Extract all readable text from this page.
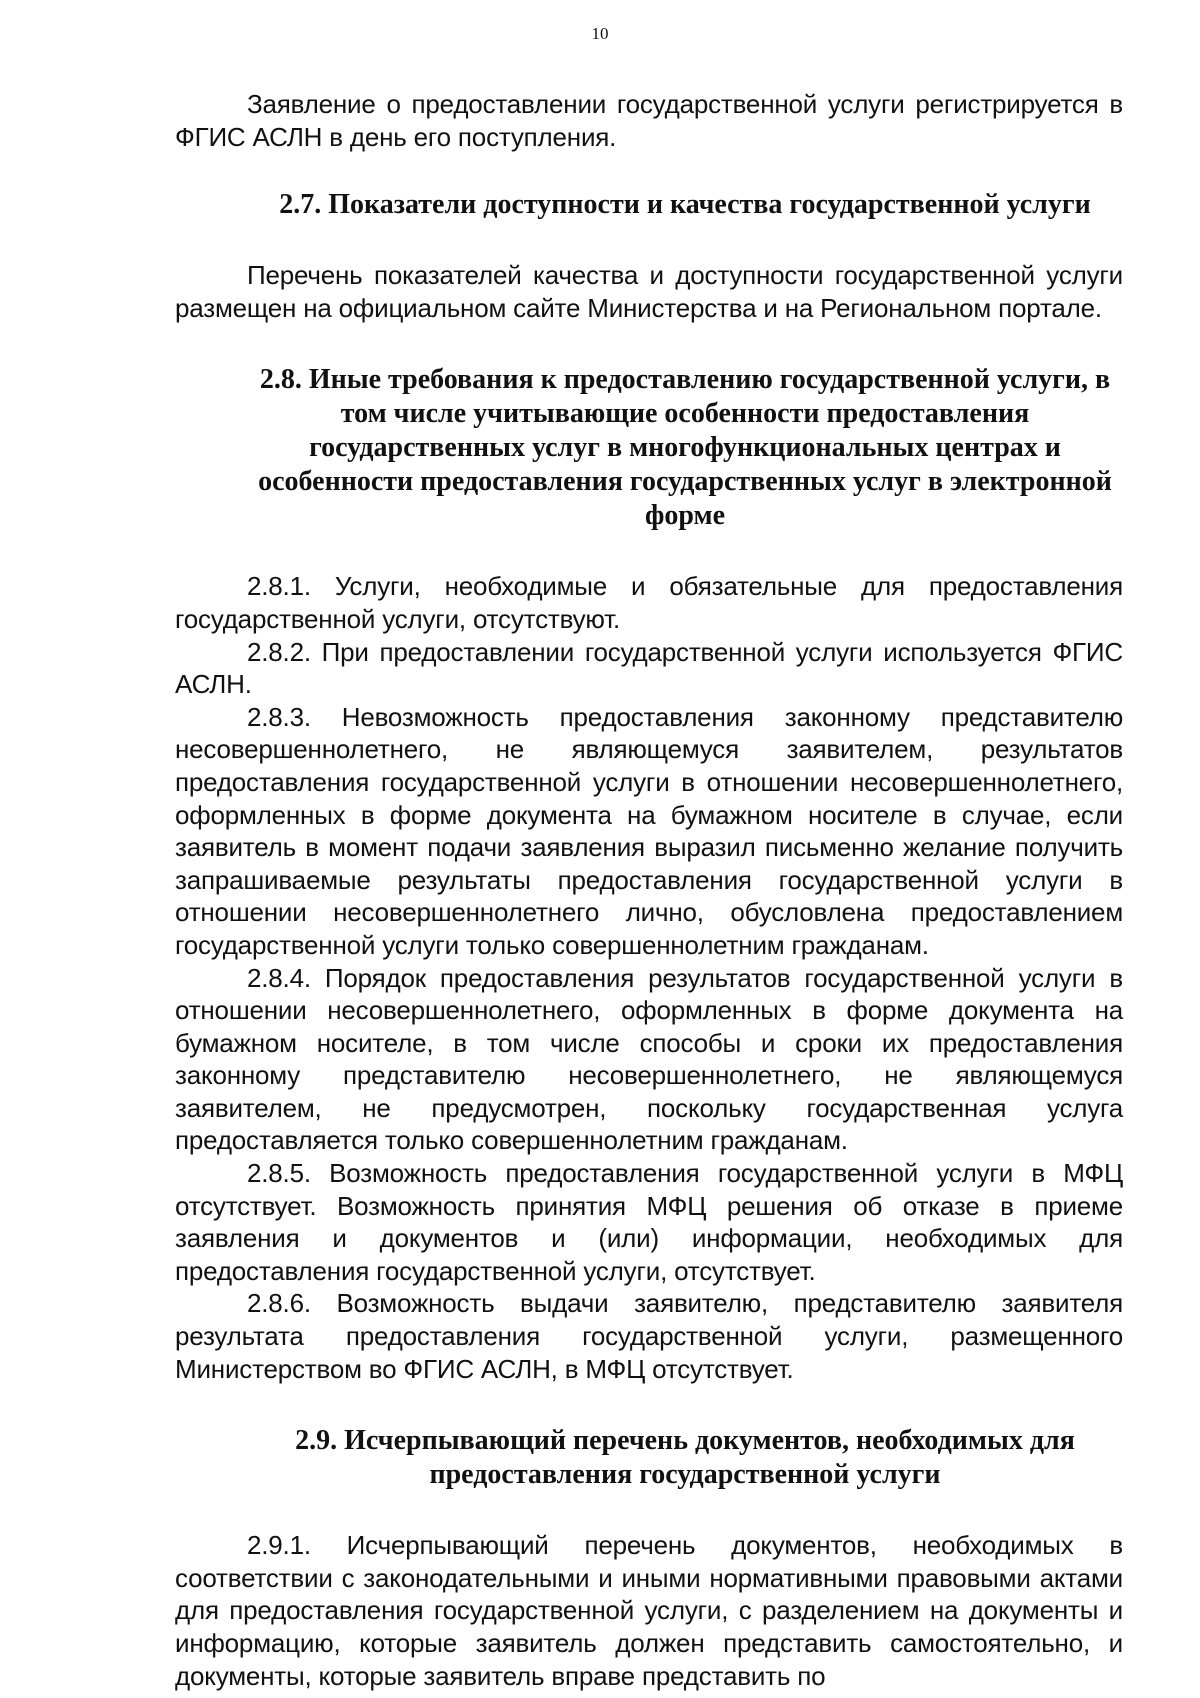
10

Заявление о предоставлении государственной услуги регистрируется в ФГИС АСЛН в день его поступления.

2.7. Показатели доступности и качества государственной услуги

Перечень показателей качества и доступности государственной услуги размещен на официальном сайте Министерства и на Региональном портале.

2.8. Иные требования к предоставлению государственной услуги, в том числе учитывающие особенности предоставления государственных услуг в многофункциональных центрах и особенности предоставления государственных услуг в электронной форме

2.8.1. Услуги, необходимые и обязательные для предоставления государственной услуги, отсутствуют.

2.8.2. При предоставлении государственной услуги используется ФГИС АСЛН.

2.8.3. Невозможность предоставления законному представителю несовершеннолетнего, не являющемуся заявителем, результатов предоставления государственной услуги в отношении несовершеннолетнего, оформленных в форме документа на бумажном носителе в случае, если заявитель в момент подачи заявления выразил письменно желание получить запрашиваемые результаты предоставления государственной услуги в отношении несовершеннолетнего лично, обусловлена предоставлением государственной услуги только совершеннолетним гражданам.

2.8.4. Порядок предоставления результатов государственной услуги в отношении несовершеннолетнего, оформленных в форме документа на бумажном носителе, в том числе способы и сроки их предоставления законному представителю несовершеннолетнего, не являющемуся заявителем, не предусмотрен, поскольку государственная услуга предоставляется только совершеннолетним гражданам.

2.8.5. Возможность предоставления государственной услуги в МФЦ отсутствует. Возможность принятия МФЦ решения об отказе в приеме заявления и документов и (или) информации, необходимых для предоставления государственной услуги, отсутствует.

2.8.6. Возможность выдачи заявителю, представителю заявителя результата предоставления государственной услуги, размещенного Министерством во ФГИС АСЛН, в МФЦ отсутствует.

2.9. Исчерпывающий перечень документов, необходимых для предоставления государственной услуги

2.9.1. Исчерпывающий перечень документов, необходимых в соответствии с законодательными и иными нормативными правовыми актами для предоставления государственной услуги, с разделением на документы и информацию, которые заявитель должен представить самостоятельно, и документы, которые заявитель вправе представить по
